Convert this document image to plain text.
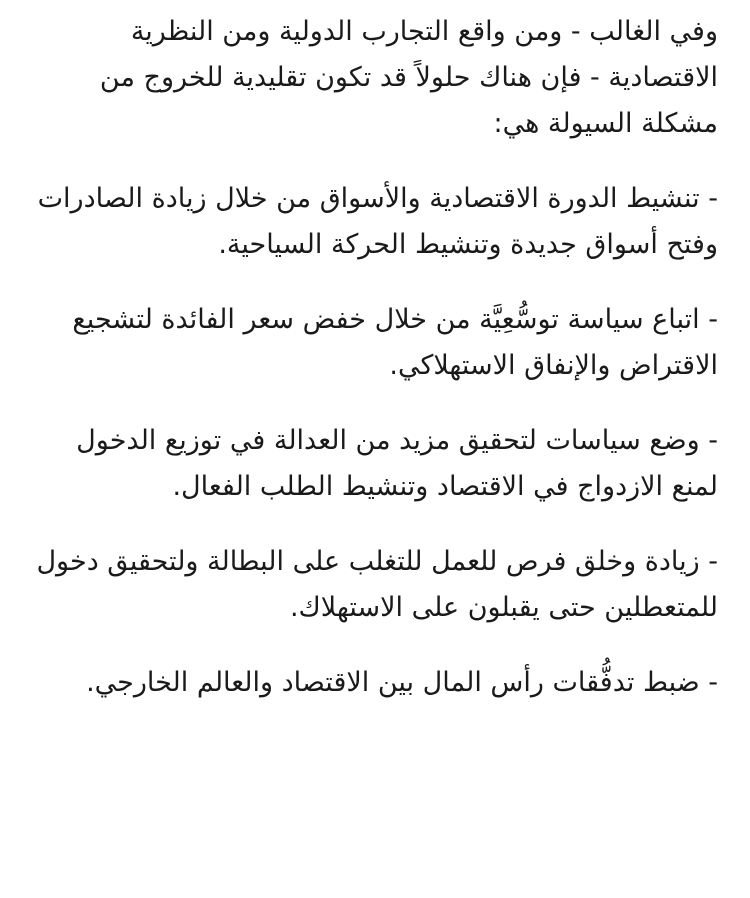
وفي الغالب - ومن واقع التجارب الدولية ومن النظرية الاقتصادية - فإن هناك حلولاً قد تكون تقليدية للخروج من مشكلة السيولة هي:

- تنشيط الدورة الاقتصادية والأسواق من خلال زيادة الصادرات وفتح أسواق جديدة وتنشيط الحركة السياحية.

- اتباع سياسة توسُّعِيَّة من خلال خفض سعر الفائدة لتشجيع الاقتراض والإنفاق الاستهلاكي.

- وضع سياسات لتحقيق مزيد من العدالة في توزيع الدخول لمنع الازدواج في الاقتصاد وتنشيط الطلب الفعال.

- زيادة وخلق فرص للعمل للتغلب على البطالة ولتحقيق دخول للمتعطلين حتى يقبلون على الاستهلاك.

- ضبط تدفُّقات رأس المال بين الاقتصاد والعالم الخارجي.
